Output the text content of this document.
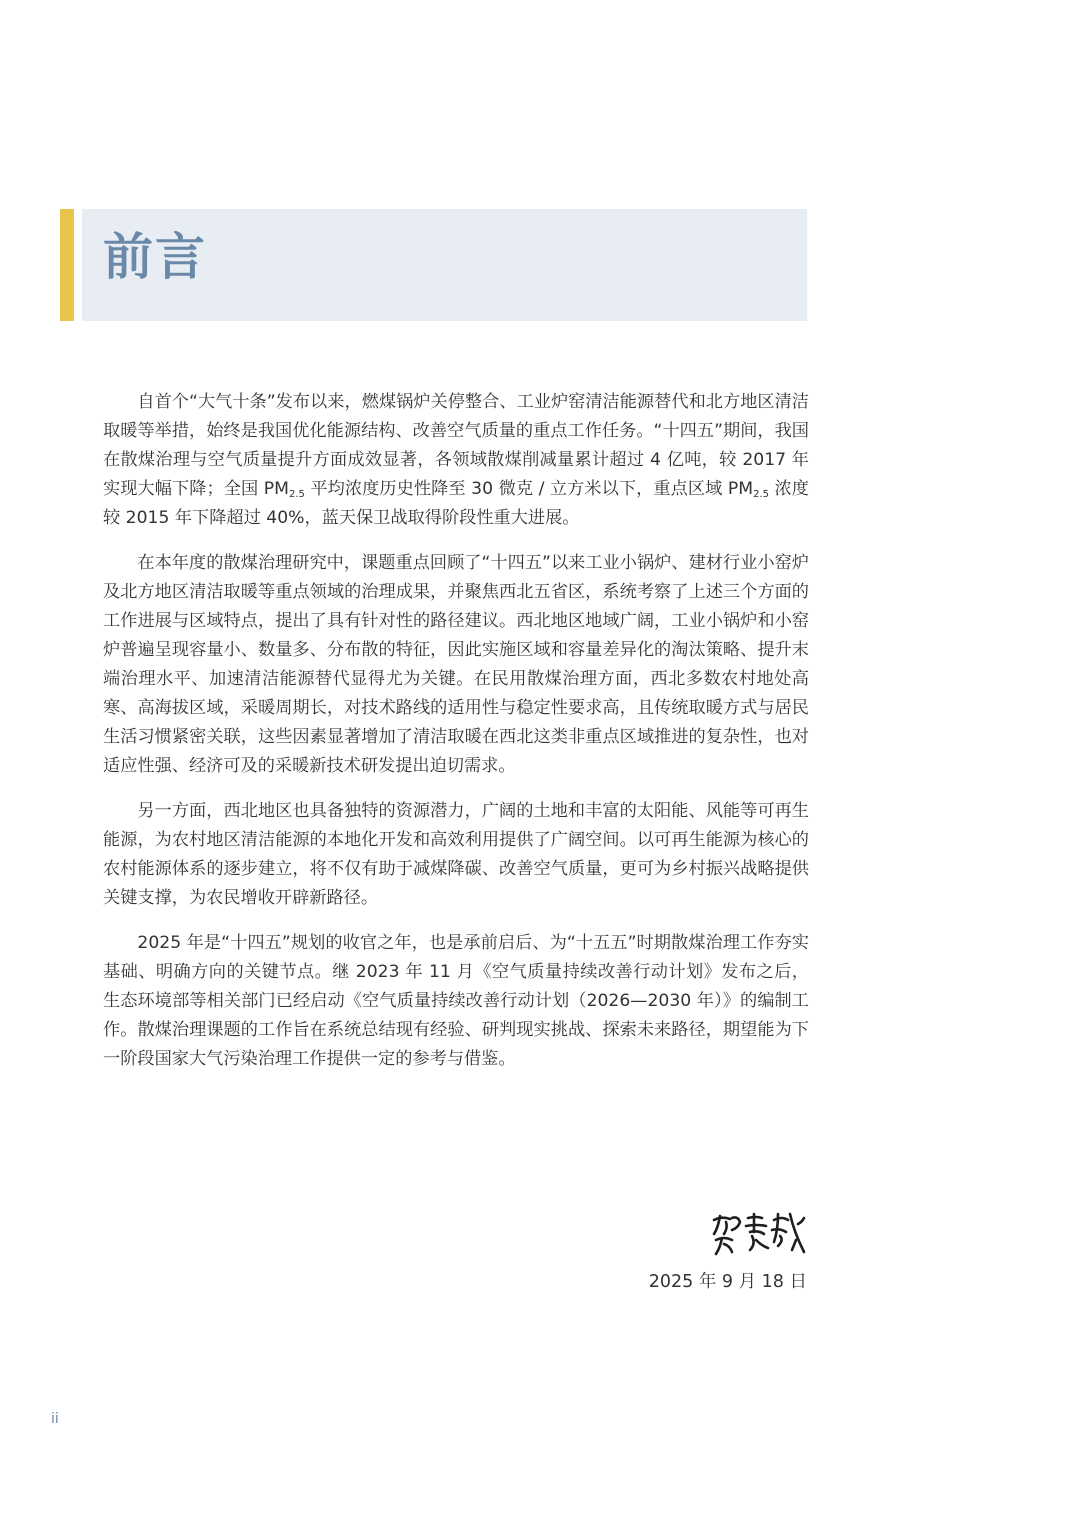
前言

自首个“大气十条”发布以来，燃煤锅炉关停整合、工业炉窑清洁能源替代和北方地区清洁取暖等举措，始终是我国优化能源结构、改善空气质量的重点工作任务。“十四五”期间，我国在散煤治理与空气质量提升方面成效显著，各领域散煤削减量累计超过 4 亿吨，较 2017 年实现大幅下降；全国 $PM_{2.5}$ 平均浓度历史性降至 30 微克 / 立方米以下，重点区域 $PM_{2.5}$ 浓度较 2015 年下降超过 40%，蓝天保卫战取得阶段性重大进展。

在本年度的散煤治理研究中，课题重点回顾了“十四五”以来工业小锅炉、建材行业小窑炉及北方地区清洁取暖等重点领域的治理成果，并聚焦西北五省区，系统考察了上述三个方面的工作进展与区域特点，提出了具有针对性的路径建议。西北地区地域广阔，工业小锅炉和小窑炉普遍呈现容量小、数量多、分布散的特征，因此实施区域和容量差异化的淘汰策略、提升末端治理水平、加速清洁能源替代显得尤为关键。在民用散煤治理方面，西北多数农村地处高寒、高海拔区域，采暖周期长，对技术路线的适用性与稳定性要求高，且传统取暖方式与居民生活习惯紧密关联，这些因素显著增加了清洁取暖在西北这类非重点区域推进的复杂性，也对适应性强、经济可及的采暖新技术研发提出迫切需求。

另一方面，西北地区也具备独特的资源潜力，广阔的土地和丰富的太阳能、风能等可再生能源，为农村地区清洁能源的本地化开发和高效利用提供了广阔空间。以可再生能源为核心的农村能源体系的逐步建立，将不仅有助于减煤降碳、改善空气质量，更可为乡村振兴战略提供关键支撑，为农民增收开辟新路径。

2025 年是“十四五”规划的收官之年，也是承前启后、为“十五五”时期散煤治理工作夯实基础、明确方向的关键节点。继 2023 年 11 月《空气质量持续改善行动计划》发布之后，生态环境部等相关部门已经启动《空气质量持续改善行动计划（2026—2030 年）》的编制工作。散煤治理课题的工作旨在系统总结现有经验、研判现实挑战、探索未来路径，期望能为下一阶段国家大气污染治理工作提供一定的参考与借鉴。

2025 年 9 月 18 日
ii
